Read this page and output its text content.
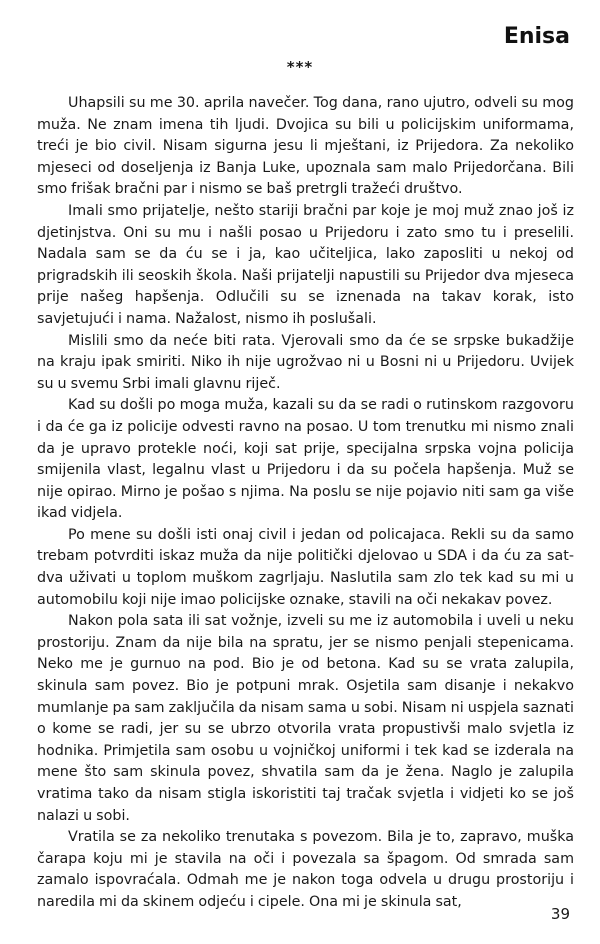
Enisa
***

Uhapsili su me 30. aprila navečer. Tog dana, rano ujutro, odveli su mog muža. Ne znam imena tih ljudi. Dvojica su bili u policijskim uniformama, treći je bio civil. Nisam sigurna jesu li mještani, iz Prijedora. Za nekoliko mjeseci od doseljenja iz Banja Luke, upoznala sam malo Prijedorčana. Bili smo frišak bračni par i nismo se baš pretrgli tražeći društvo.

Imali smo prijatelje, nešto stariji bračni par koje je moj muž znao još iz djetinjstva. Oni su mu i našli posao u Prijedoru i zato smo tu i preselili. Nadala sam se da ću se i ja, kao učiteljica, lako zaposliti u nekoj od prigradskih ili seoskih škola. Naši prijatelji napustili su Prijedor dva mjeseca prije našeg hapšenja. Odlučili su se iznenada na takav korak, isto savjetujući i nama. Nažalost, nismo ih poslušali.

Mislili smo da neće biti rata. Vjerovali smo da će se srpske bukadžije na kraju ipak smiriti. Niko ih nije ugrožvao ni u Bosni ni u Prijedoru. Uvijek su u svemu Srbi imali glavnu riječ.

Kad su došli po moga muža, kazali su da se radi o rutinskom razgovoru i da će ga iz policije odvesti ravno na posao. U tom trenutku mi nismo znali da je upravo protekle noći, koji sat prije, specijalna srpska vojna policija smijenila vlast, legalnu vlast u Prijedoru i da su počela hapšenja. Muž se nije opirao. Mirno je pošao s njima. Na poslu se nije pojavio niti sam ga više ikad vidjela.

Po mene su došli isti onaj civil i jedan od policajaca. Rekli su da samo trebam potvrditi iskaz muža da nije politički djelovao u SDA i da ću za sat-dva uživati u toplom muškom zagrljaju. Naslutila sam zlo tek kad su mi u automobilu koji nije imao policijske oznake, stavili na oči nekakav povez.

Nakon pola sata ili sat vožnje, izveli su me iz automobila i uveli u neku prostoriju. Znam da nije bila na spratu, jer se nismo penjali stepenicama. Neko me je gurnuo na pod. Bio je od betona. Kad su se vrata zalupila, skinula sam povez. Bio je potpuni mrak. Osjetila sam disanje i nekakvo mumlanje pa sam zaključila da nisam sama u sobi. Nisam ni uspjela saznati o kome se radi, jer su se ubrzo otvorila vrata propustivši malo svjetla iz hodnika. Primjetila sam osobu u vojničkoj uniformi i tek kad se izderala na mene što sam skinula povez, shvatila sam da je žena. Naglo je zalupila vratima tako da nisam stigla iskoristiti taj tračak svjetla i vidjeti ko se još nalazi u sobi.

Vratila se za nekoliko trenutaka s povezom. Bila je to, zapravo, muška čarapa koju mi je stavila na oči i povezala sa špagom. Od smrada sam zamalo ispovraćala. Odmah me je nakon toga odvela u drugu prostoriju i naredila mi da skinem odjeću i cipele. Ona mi je skinula sat,

39
